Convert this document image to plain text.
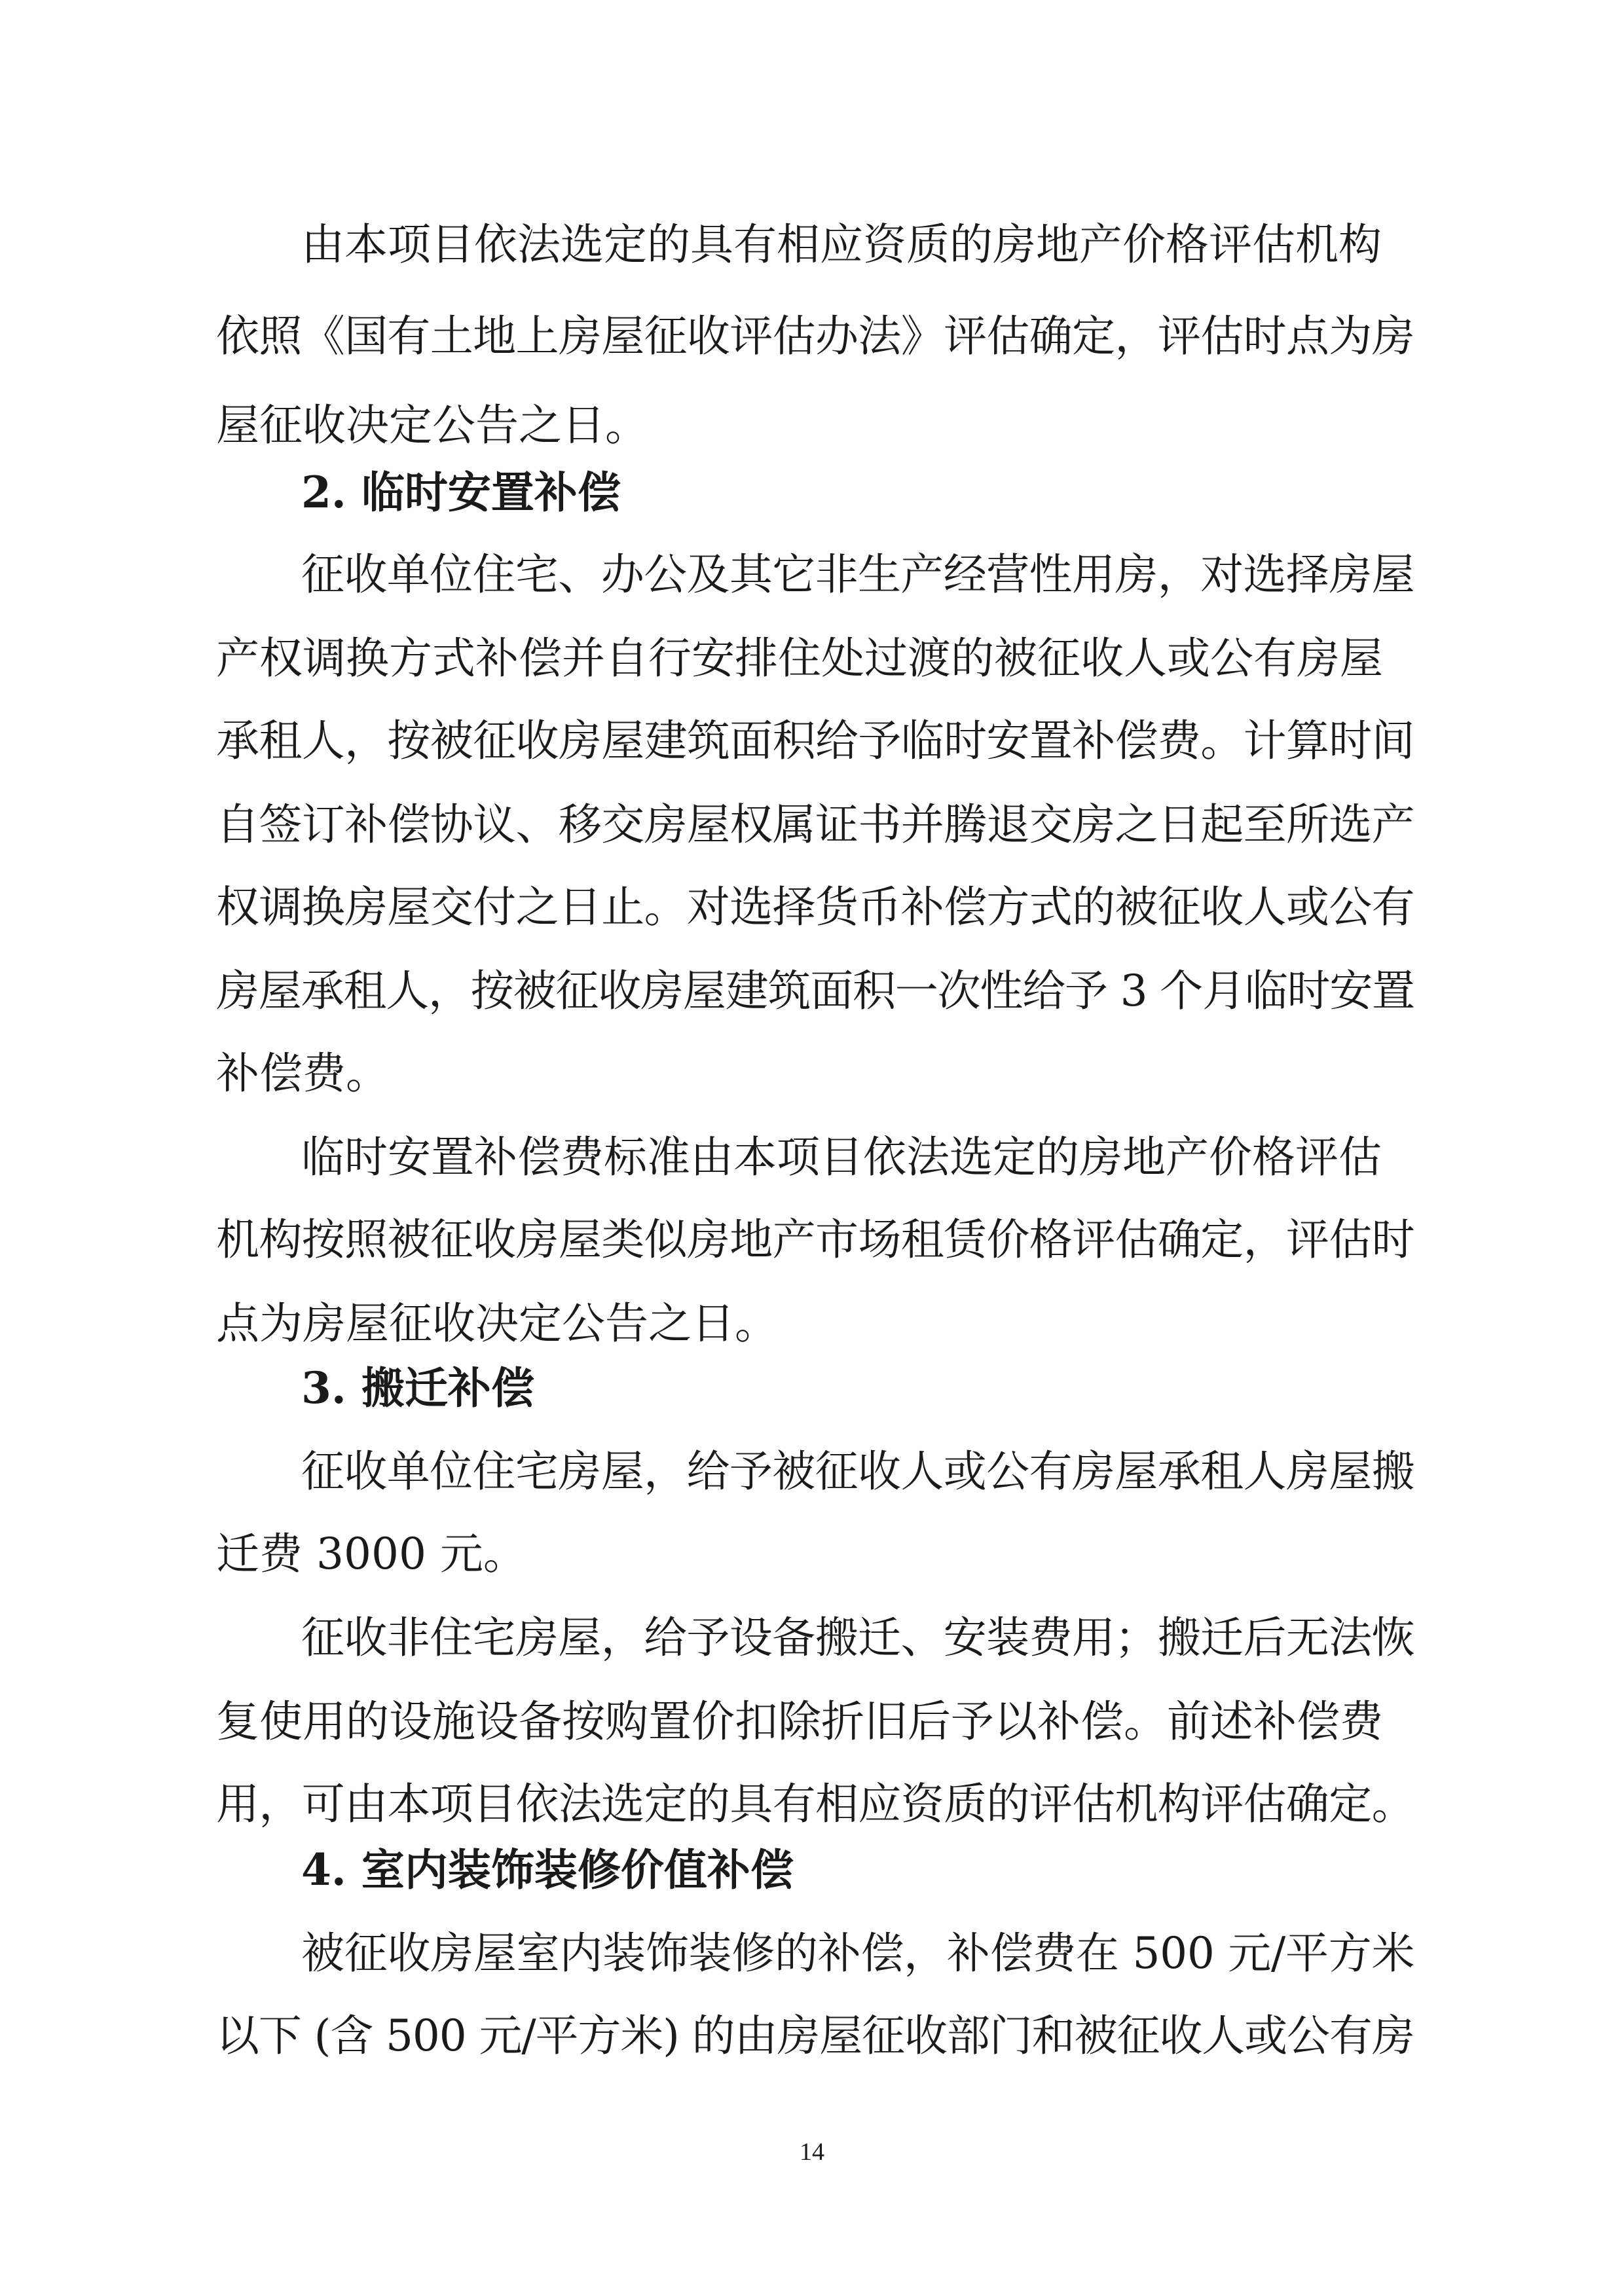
由本项目依法选定的具有相应资质的房地产价格评估机构
依照《国有土地上房屋征收评估办法》评估确定，评估时点为房
屋征收决定公告之日。
2. 临时安置补偿
征收单位住宅、办公及其它非生产经营性用房，对选择房屋
产权调换方式补偿并自行安排住处过渡的被征收人或公有房屋
承租人，按被征收房屋建筑面积给予临时安置补偿费。计算时间
自签订补偿协议、移交房屋权属证书并腾退交房之日起至所选产
权调换房屋交付之日止。对选择货币补偿方式的被征收人或公有
房屋承租人，按被征收房屋建筑面积一次性给予 3 个月临时安置
补偿费。
临时安置补偿费标准由本项目依法选定的房地产价格评估
机构按照被征收房屋类似房地产市场租赁价格评估确定，评估时
点为房屋征收决定公告之日。
3. 搬迁补偿
征收单位住宅房屋，给予被征收人或公有房屋承租人房屋搬
迁费 3000 元。
征收非住宅房屋，给予设备搬迁、安装费用；搬迁后无法恢
复使用的设施设备按购置价扣除折旧后予以补偿。前述补偿费
用，可由本项目依法选定的具有相应资质的评估机构评估确定。
4. 室内装饰装修价值补偿
被征收房屋室内装饰装修的补偿，补偿费在 500 元/平方米
以下 (含 500 元/平方米) 的由房屋征收部门和被征收人或公有房
14
